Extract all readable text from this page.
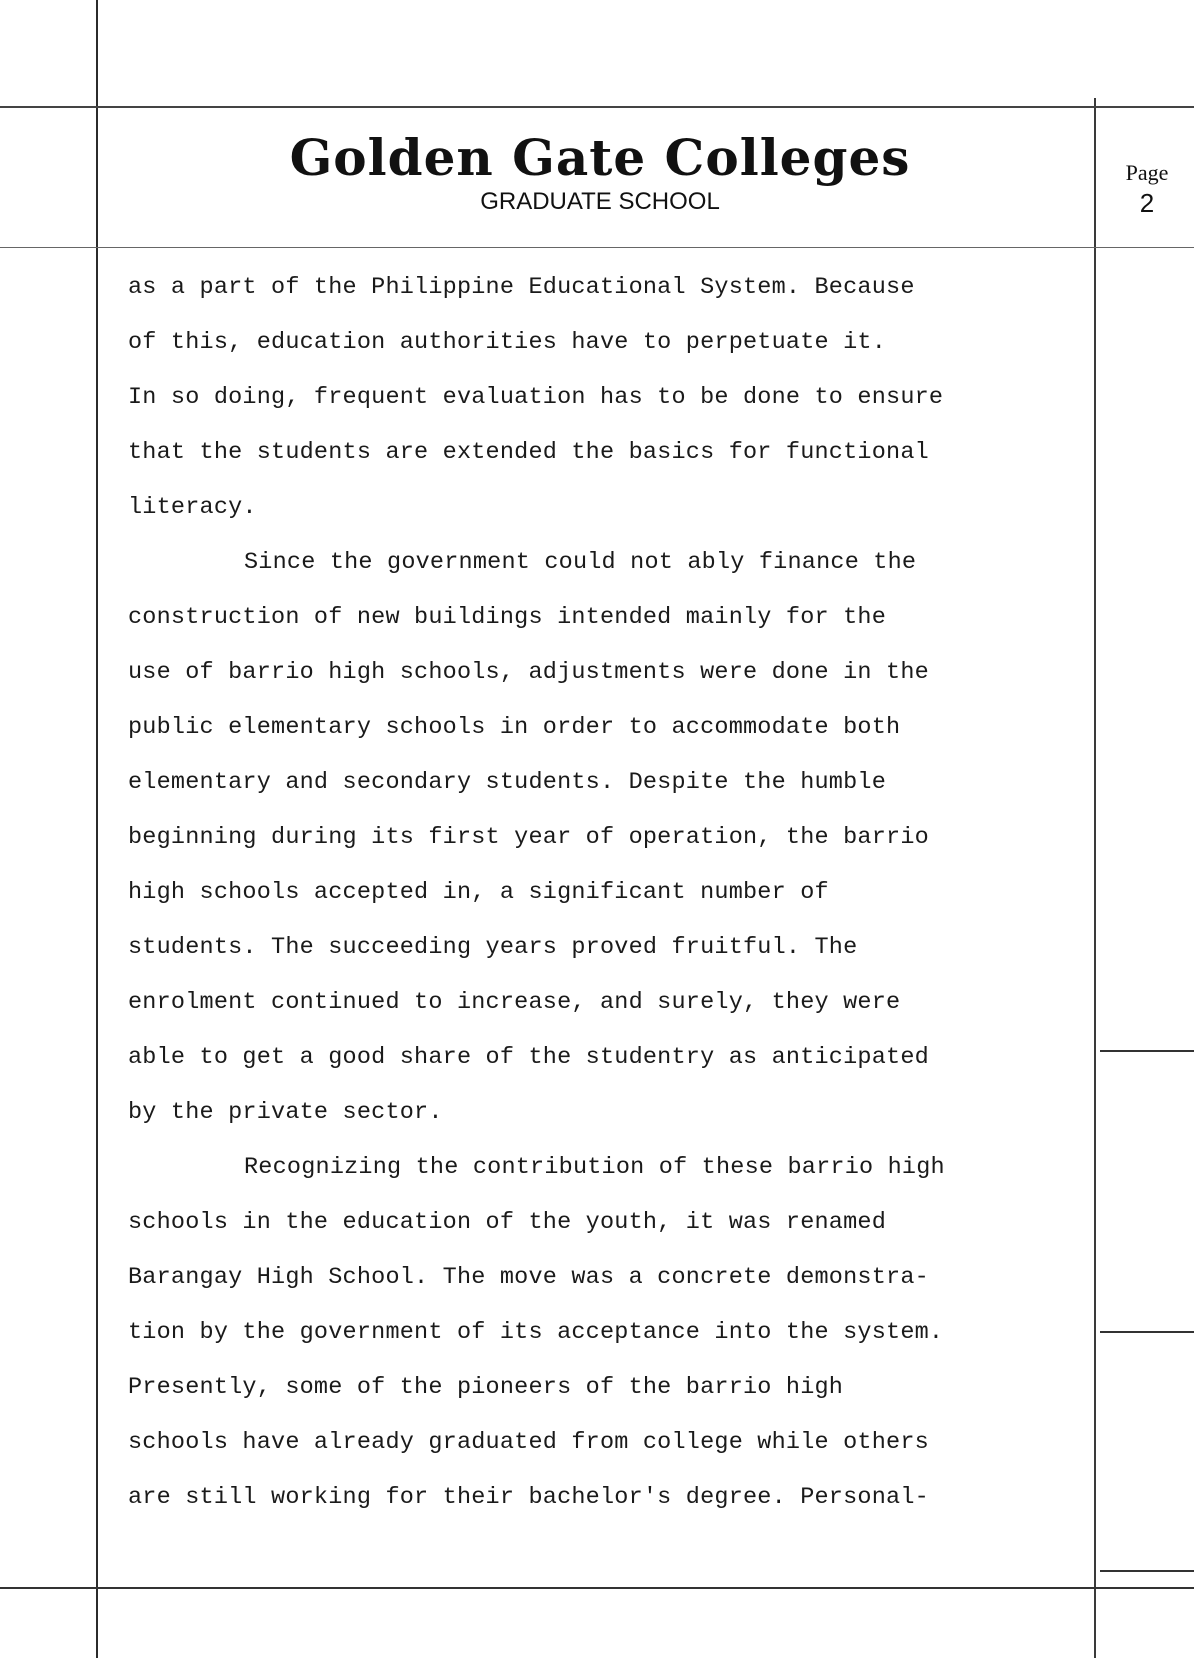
Golden Gate Colleges
GRADUATE SCHOOL
Page
2
as a part of the Philippine Educational System. Because
of this, education authorities have to perpetuate it.
In so doing, frequent evaluation has to be done to ensure
that the students are extended the basics for functional
literacy.
Since the government could not ably finance the
construction of new buildings intended mainly for the
use of barrio high schools, adjustments were done in the
public elementary schools in order to accommodate both
elementary and secondary students. Despite the humble
beginning during its first year of operation, the barrio
high schools accepted in, a significant number of
students. The succeeding years proved fruitful. The
enrolment continued to increase, and surely, they were
able to get a good share of the studentry as anticipated
by the private sector.
Recognizing the contribution of these barrio high
schools in the education of the youth, it was renamed
Barangay High School. The move was a concrete demonstra-
tion by the government of its acceptance into the system.
Presently, some of the pioneers of the barrio high
schools have already graduated from college while others
are still working for their bachelor's degree. Personal-
